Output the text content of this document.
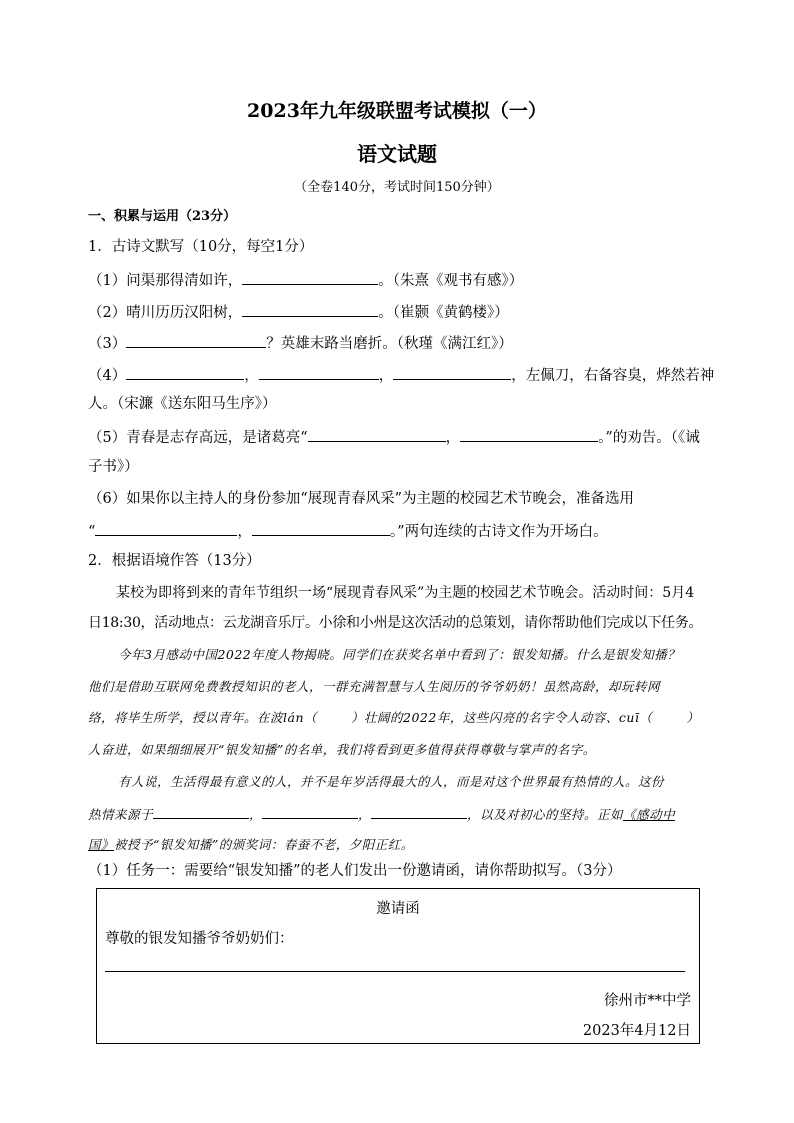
2023年九年级联盟考试模拟（一）
语文试题
（全卷140分，考试时间150分钟）
一、积累与运用（23分）
1．古诗文默写（10分，每空1分）
（1）问渠那得清如许，	。（朱熹《观书有感》）
（2）晴川历历汉阳树，	。（崔颢《黄鹤楼》）
（3）	？英雄末路当磨折。（秋瑾《满江红》）
（4）	，	，	，左佩刀，右备容臭，烨然若神
人。（宋濂《送东阳马生序》）
（5）青春是志存高远，是诸葛亮“	，	。”的劝告。（《诫
子书》）
（6）如果你以主持人的身份参加“展现青春风采”为主题的校园艺术节晚会，准备选用
“	，	。”两句连续的古诗文作为开场白。
2．根据语境作答（13分）
某校为即将到来的青年节组织一场“展现青春风采”为主题的校园艺术节晚会。活动时间：5月4
日18:30，活动地点：云龙湖音乐厅。小徐和小州是这次活动的总策划，请你帮助他们完成以下任务。
今年3月感动中国2022年度人物揭晓。同学们在获奖名单中看到了：银发知播。什么是银发知播？
他们是借助互联网免费教授知识的老人，一群充满智慧与人生阅历的爷爷奶奶！虽然高龄，却玩转网
络，将毕生所学，授以青年。在波lán（	）壮阔的2022年，这些闪亮的名字令人动容、cuī（	）
人奋进，如果细细展开“银发知播”的名单，我们将看到更多值得获得尊敬与掌声的名字。
有人说，生活得最有意义的人，并不是年岁活得最大的人，而是对这个世界最有热情的人。这份
热情来源于	，	，	，以及对初心的坚持。正如《感动中
国》被授予“银发知播”的颁奖词：春蚕不老，夕阳正红。
（1）任务一：需要给“银发知播”的老人们发出一份邀请函，请你帮助拟写。（3分）
邀请函
尊敬的银发知播爷爷奶奶们：
徐州市**中学
2023年4月12日
